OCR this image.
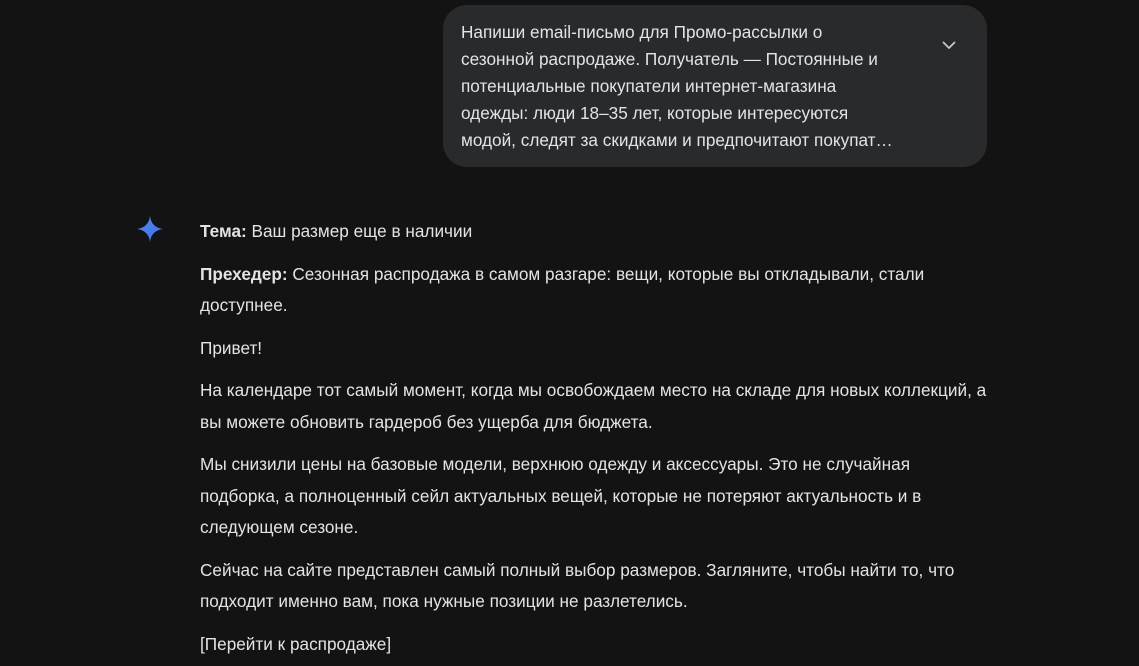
Напиши email-письмо для Промо-рассылки о
сезонной распродаже. Получатель — Постоянные и
потенциальные покупатели интернет-магазина
одежды: люди 18–35 лет, которые интересуются
модой, следят за скидками и предпочитают покупат…

Тема: Ваш размер еще в наличии

Прехедер: Сезонная распродажа в самом разгаре: вещи, которые вы откладывали, стали доступнее.

Привет!

На календаре тот самый момент, когда мы освобождаем место на складе для новых коллекций, а вы можете обновить гардероб без ущерба для бюджета.

Мы снизили цены на базовые модели, верхнюю одежду и аксессуары. Это не случайная подборка, а полноценный сейл актуальных вещей, которые не потеряют актуальность и в следующем сезоне.

Сейчас на сайте представлен самый полный выбор размеров. Загляните, чтобы найти то, что подходит именно вам, пока нужные позиции не разлетелись.

[Перейти к распродаже]
